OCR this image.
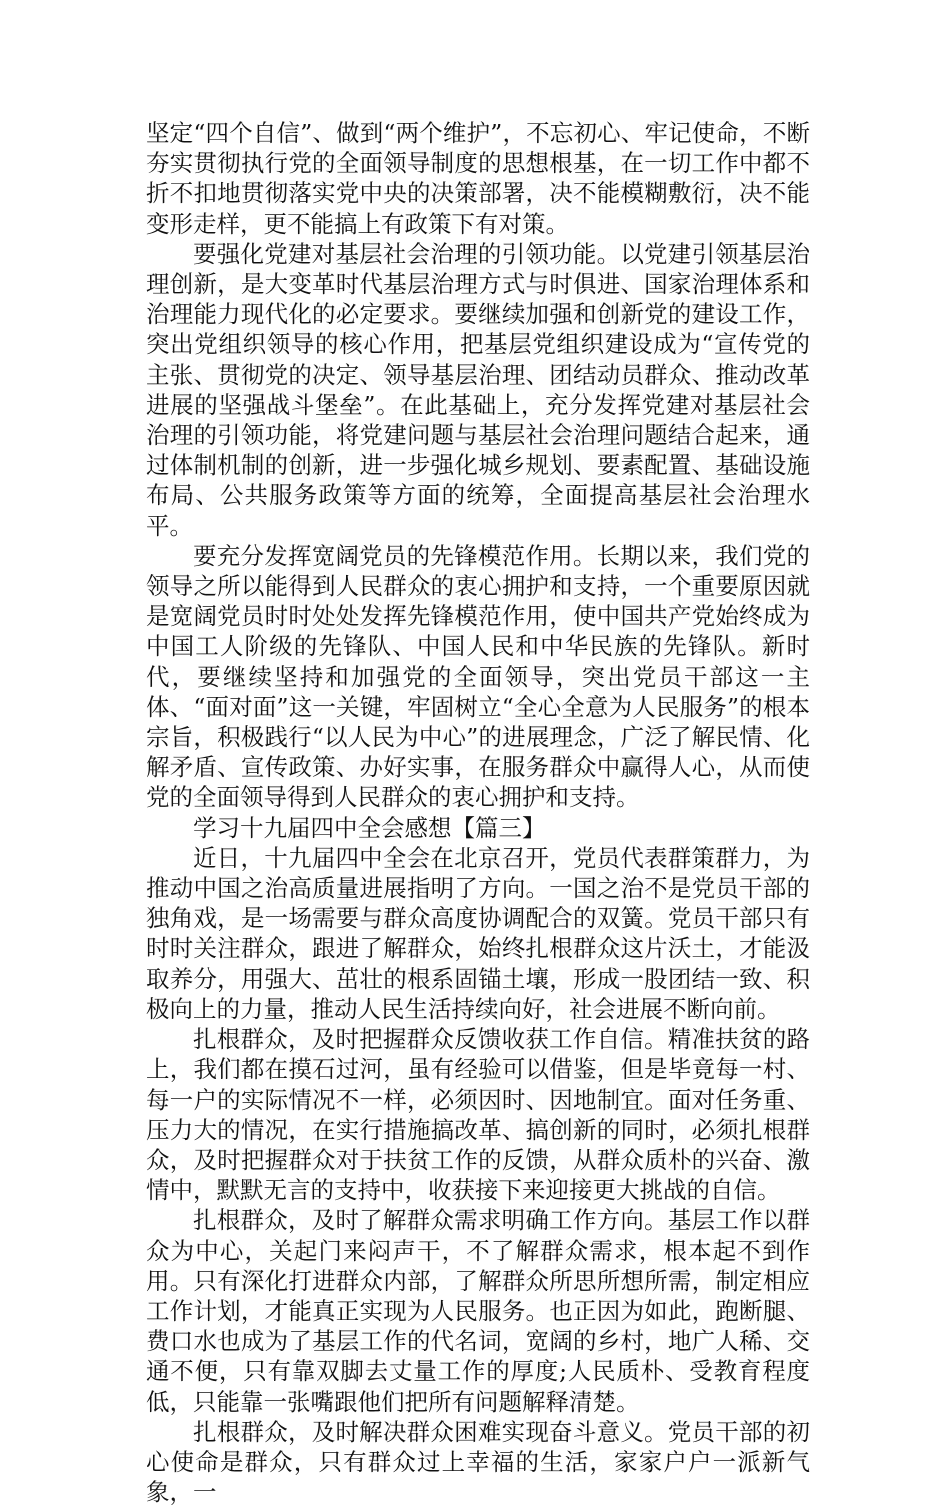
坚定“四个自信”、做到“两个维护”，不忘初心、牢记使命，不断夯实贯彻执行党的全面领导制度的思想根基，在一切工作中都不折不扣地贯彻落实党中央的决策部署，决不能模糊敷衍，决不能变形走样，更不能搞上有政策下有对策。

要强化党建对基层社会治理的引领功能。以党建引领基层治理创新，是大变革时代基层治理方式与时俱进、国家治理体系和治理能力现代化的必定要求。要继续加强和创新党的建设工作，突出党组织领导的核心作用，把基层党组织建设成为“宣传党的主张、贯彻党的决定、领导基层治理、团结动员群众、推动改革进展的坚强战斗堡垒”。在此基础上，充分发挥党建对基层社会治理的引领功能，将党建问题与基层社会治理问题结合起来，通过体制机制的创新，进一步强化城乡规划、要素配置、基础设施布局、公共服务政策等方面的统筹，全面提高基层社会治理水平。

要充分发挥宽阔党员的先锋模范作用。长期以来，我们党的领导之所以能得到人民群众的衷心拥护和支持，一个重要原因就是宽阔党员时时处处发挥先锋模范作用，使中国共产党始终成为中国工人阶级的先锋队、中国人民和中华民族的先锋队。新时代，要继续坚持和加强党的全面领导，突出党员干部这一主体、“面对面”这一关键，牢固树立“全心全意为人民服务”的根本宗旨，积极践行“以人民为中心”的进展理念，广泛了解民情、化解矛盾、宣传政策、办好实事，在服务群众中赢得人心，从而使党的全面领导得到人民群众的衷心拥护和支持。

学习十九届四中全会感想【篇三】

近日，十九届四中全会在北京召开，党员代表群策群力，为推动中国之治高质量进展指明了方向。一国之治不是党员干部的独角戏，是一场需要与群众高度协调配合的双簧。党员干部只有时时关注群众，跟进了解群众，始终扎根群众这片沃土，才能汲取养分，用强大、茁壮的根系固锚土壤，形成一股团结一致、积极向上的力量，推动人民生活持续向好，社会进展不断向前。

扎根群众，及时把握群众反馈收获工作自信。精准扶贫的路上，我们都在摸石过河，虽有经验可以借鉴，但是毕竟每一村、每一户的实际情况不一样，必须因时、因地制宜。面对任务重、压力大的情况，在实行措施搞改革、搞创新的同时，必须扎根群众，及时把握群众对于扶贫工作的反馈，从群众质朴的兴奋、激情中，默默无言的支持中，收获接下来迎接更大挑战的自信。

扎根群众，及时了解群众需求明确工作方向。基层工作以群众为中心，关起门来闷声干，不了解群众需求，根本起不到作用。只有深化打进群众内部，了解群众所思所想所需，制定相应工作计划，才能真正实现为人民服务。也正因为如此，跑断腿、费口水也成为了基层工作的代名词，宽阔的乡村，地广人稀、交通不便，只有靠双脚去丈量工作的厚度;人民质朴、受教育程度低，只能靠一张嘴跟他们把所有问题解释清楚。

扎根群众，及时解决群众困难实现奋斗意义。党员干部的初心使命是群众，只有群众过上幸福的生活，家家户户一派新气象，一
